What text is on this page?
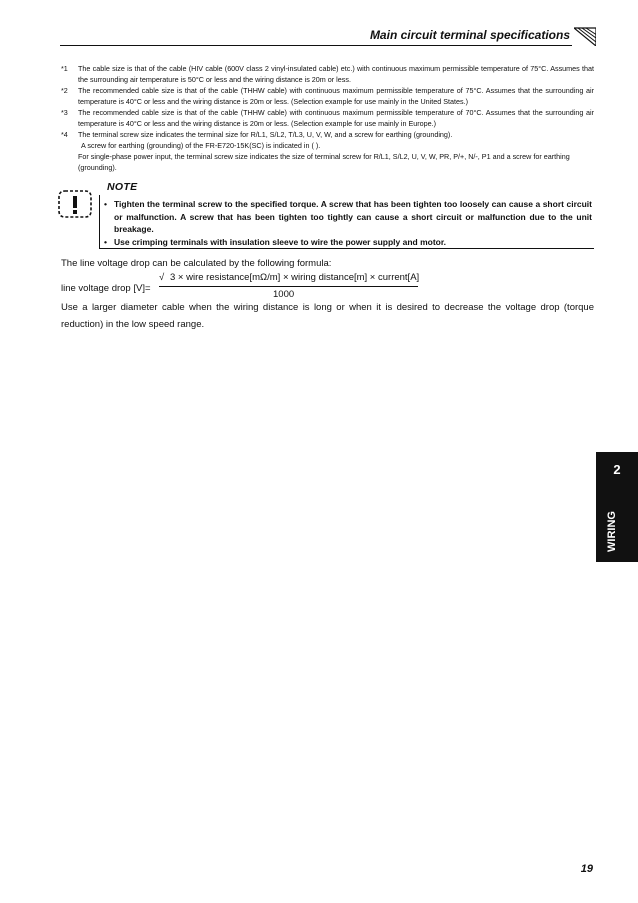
Main circuit terminal specifications
*1	The cable size is that of the cable (HIV cable (600V class 2 vinyl-insulated cable) etc.) with continuous maximum permissible temperature of 75°C. Assumes that the surrounding air temperature is 50°C or less and the wiring distance is 20m or less.
*2	The recommended cable size is that of the cable (THHW cable) with continuous maximum permissible temperature of 75°C. Assumes that the surrounding air temperature is 40°C or less and the wiring distance is 20m or less. (Selection example for use mainly in the United States.)
*3	The recommended cable size is that of the cable (THHW cable) with continuous maximum permissible temperature of 70°C. Assumes that the surrounding air temperature is 40°C or less and the wiring distance is 20m or less. (Selection example for use mainly in Europe.)
*4	The terminal screw size indicates the terminal size for R/L1, S/L2, T/L3, U, V, W, and a screw for earthing (grounding).
A screw for earthing (grounding) of the FR-E720-15K(SC) is indicated in ( ).
For single-phase power input, the terminal screw size indicates the size of terminal screw for R/L1, S/L2, U, V, W, PR, P/+, N/-, P1 and a screw for earthing (grounding).
NOTE
• Tighten the terminal screw to the specified torque. A screw that has been tighten too loosely can cause a short circuit or malfunction. A screw that has been tighten too tightly can cause a short circuit or malfunction due to the unit breakage.
• Use crimping terminals with insulation sleeve to wire the power supply and motor.
The line voltage drop can be calculated by the following formula:
line voltage drop [V]=
√ 3 × wire resistance[mΩ/m] × wiring distance[m] × current[A]
1000
Use a larger diameter cable when the wiring distance is long or when it is desired to decrease the voltage drop (torque reduction) in the low speed range.
2
WIRING
19
